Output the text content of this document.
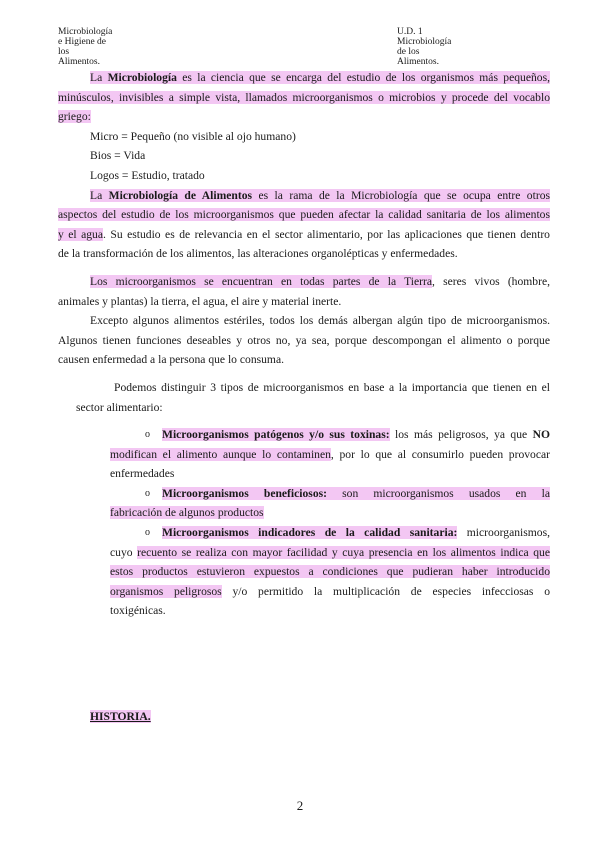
Microbiología e Higiene de los Alimentos.
U.D. 1 Microbiología de los Alimentos.
La Microbiología es la ciencia que se encarga del estudio de los organismos más pequeños,
minúsculos, invisibles a simple vista, llamados microorganismos o microbios y procede del vocablo
griego:
Micro = Pequeño (no visible al ojo humano)
Bios = Vida
Logos = Estudio, tratado
La Microbiología de Alimentos es la rama de la Microbiología que se ocupa entre otros
aspectos del estudio de los microorganismos que pueden afectar la calidad sanitaria de los alimentos
y el agua. Su estudio es de relevancia en el sector alimentario, por las aplicaciones que tienen dentro
de la transformación de los alimentos, las alteraciones organolépticas y enfermedades.
Los microorganismos se encuentran en todas partes de la Tierra, seres vivos (hombre,
animales y plantas) la tierra, el agua, el aire y material inerte.
Excepto algunos alimentos estériles, todos los demás albergan algún tipo de microorganismos.
Algunos tienen funciones deseables y otros no, ya sea, porque descompongan el alimento o porque
causen enfermedad a la persona que lo consuma.
Podemos distinguir 3 tipos de microorganismos en base a la importancia que tienen en el
sector alimentario:
o Microorganismos patógenos y/o sus toxinas: los más peligrosos, ya que NO
modifican el alimento aunque lo contaminen, por lo que al consumirlo pueden provocar
enfermedades
o Microorganismos beneficiosos: son microorganismos usados en la
fabricación de algunos productos
o Microorganismos indicadores de la calidad sanitaria: microorganismos,
cuyo recuento se realiza con mayor facilidad y cuya presencia en los alimentos indica que
estos productos estuvieron expuestos a condiciones que pudieran haber introducido
organismos peligrosos y/o permitido la multiplicación de especies infecciosas o
toxigénicas.
HISTORIA.
2
